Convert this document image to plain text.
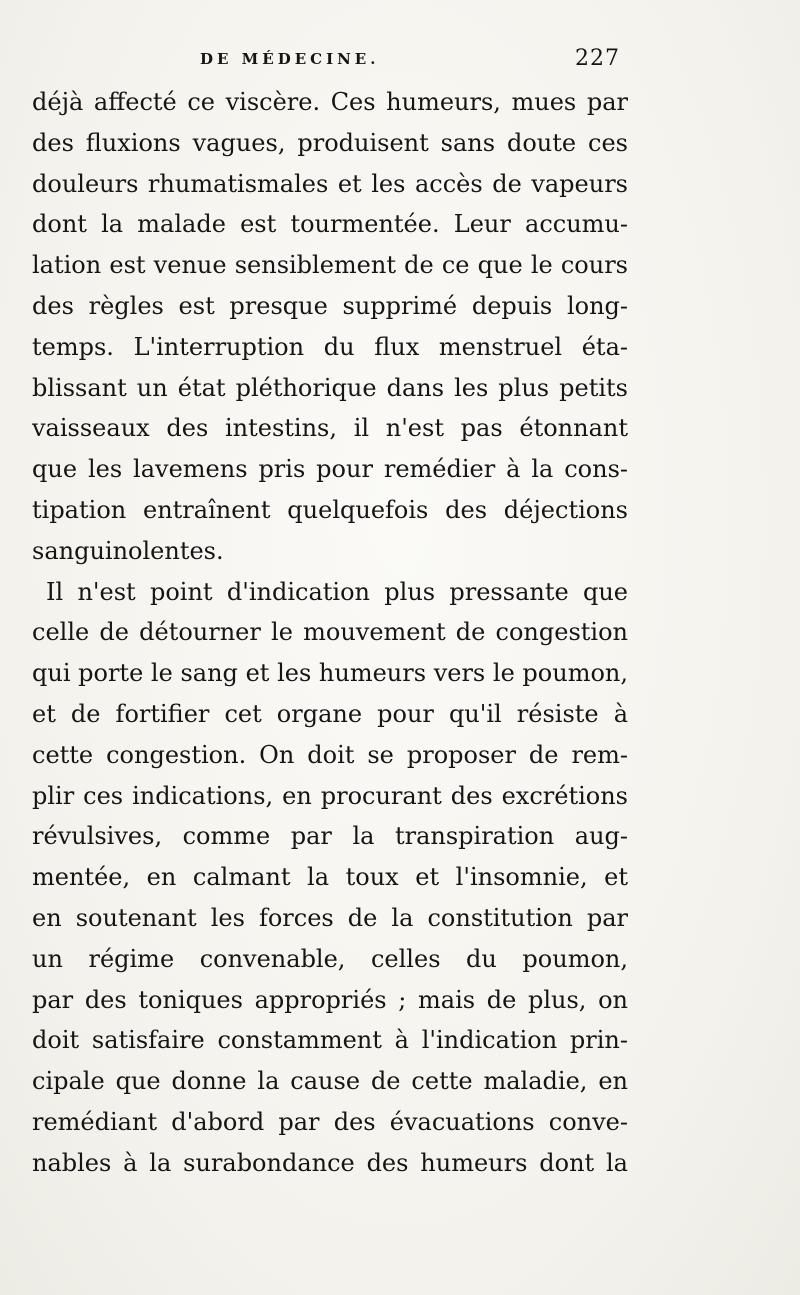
DE MÉDECINE.	227
déjà affecté ce viscère. Ces humeurs, mues par
des fluxions vagues, produisent sans doute ces
douleurs rhumatismales et les accès de vapeurs
dont la malade est tourmentée. Leur accumu-
lation est venue sensiblement de ce que le cours
des règles est presque supprimé depuis long-
temps. L'interruption du flux menstruel éta-
blissant un état pléthorique dans les plus petits
vaisseaux des intestins, il n'est pas étonnant
que les lavemens pris pour remédier à la cons-
tipation entraînent quelquefois des déjections
sanguinolentes.
Il n'est point d'indication plus pressante que
celle de détourner le mouvement de congestion
qui porte le sang et les humeurs vers le poumon,
et de fortifier cet organe pour qu'il résiste à
cette congestion. On doit se proposer de rem-
plir ces indications, en procurant des excrétions
révulsives, comme par la transpiration aug-
mentée, en calmant la toux et l'insomnie, et
en soutenant les forces de la constitution par
un régime convenable, celles du poumon,
par des toniques appropriés ; mais de plus, on
doit satisfaire constamment à l'indication prin-
cipale que donne la cause de cette maladie, en
remédiant d'abord par des évacuations conve-
nables à la surabondance des humeurs dont la
